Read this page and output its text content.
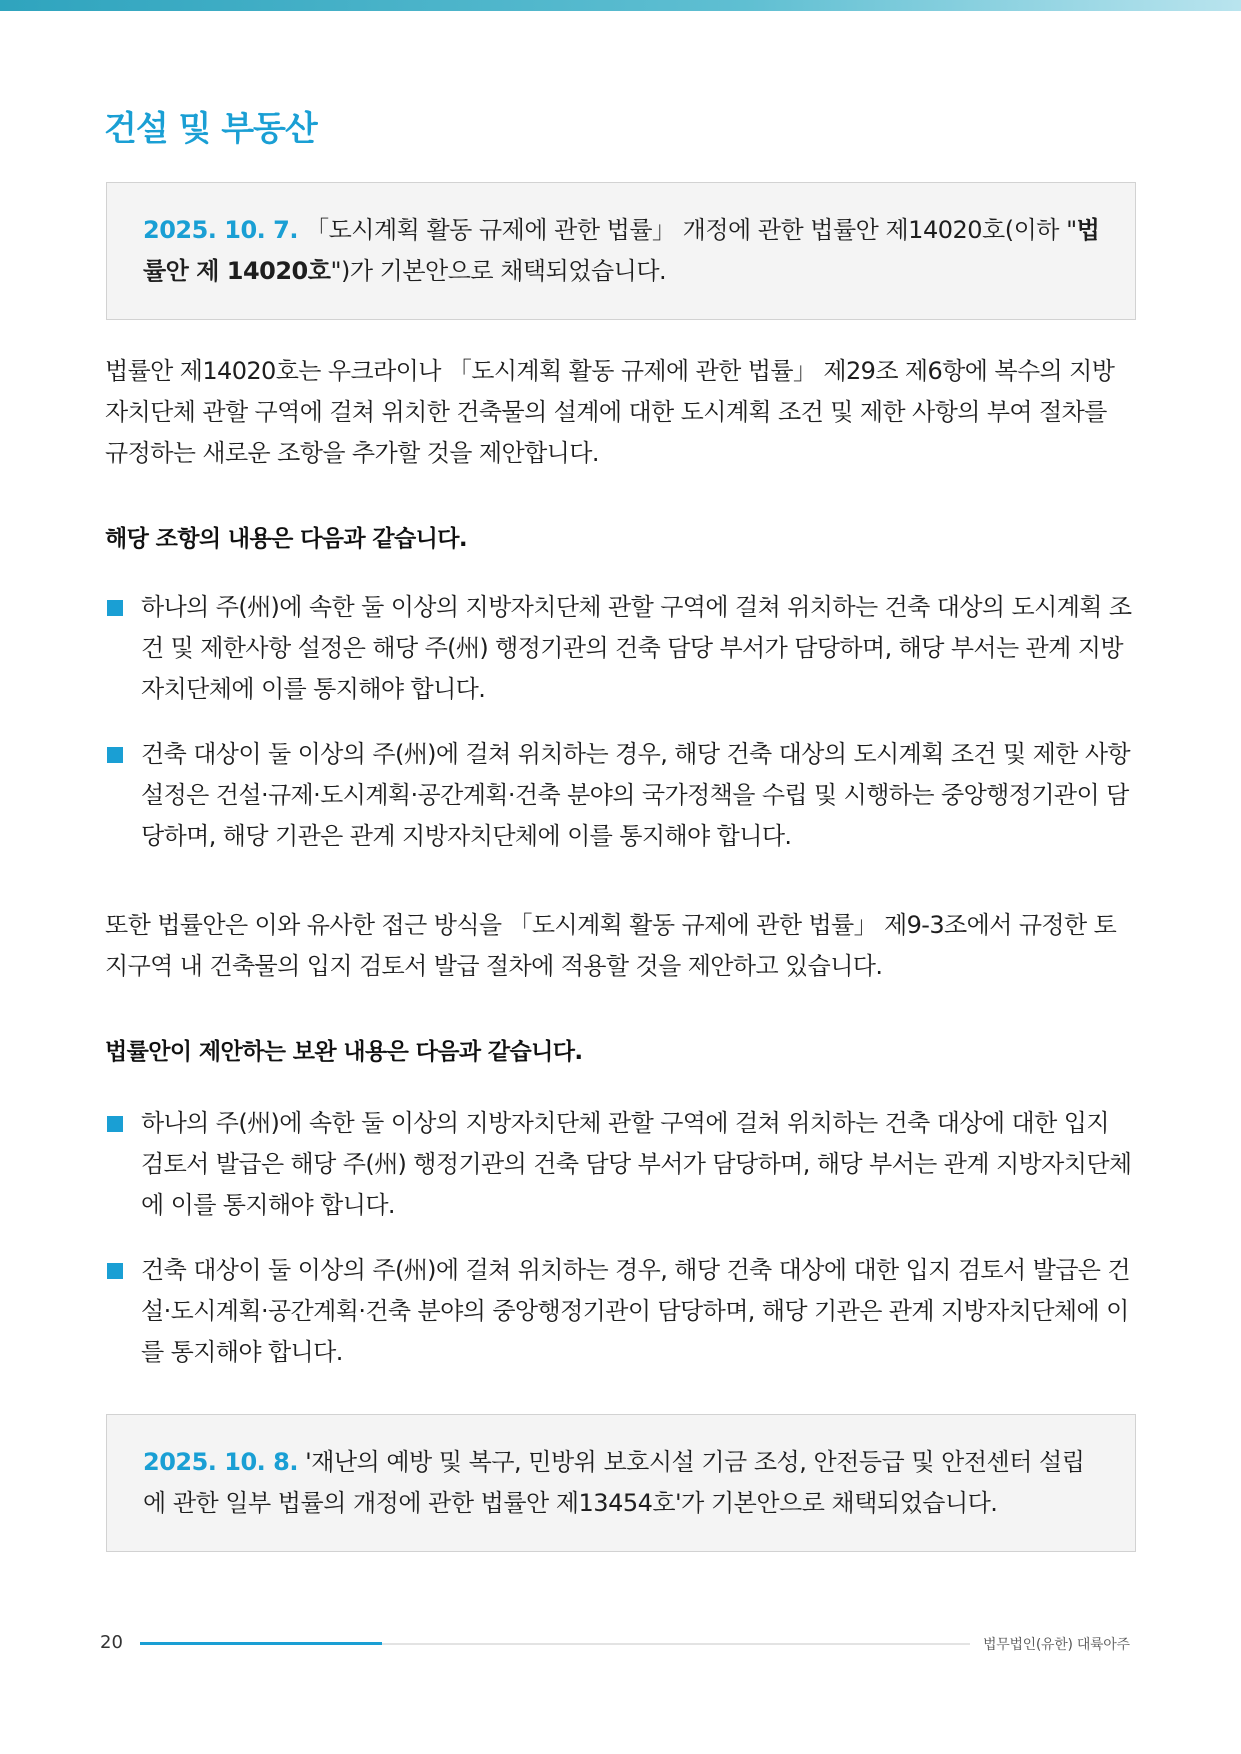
건설 및 부동산

2025. 10. 7. 「도시계획 활동 규제에 관한 법률」 개정에 관한 법률안 제14020호(이하 "법률안 제 14020호")가 기본안으로 채택되었습니다.

법률안 제14020호는 우크라이나 「도시계획 활동 규제에 관한 법률」 제29조 제6항에 복수의 지방자치단체 관할 구역에 걸쳐 위치한 건축물의 설계에 대한 도시계획 조건 및 제한 사항의 부여 절차를 규정하는 새로운 조항을 추가할 것을 제안합니다.

해당 조항의 내용은 다음과 같습니다.
하나의 주(州)에 속한 둘 이상의 지방자치단체 관할 구역에 걸쳐 위치하는 건축 대상의 도시계획 조건 및 제한사항 설정은 해당 주(州) 행정기관의 건축 담당 부서가 담당하며, 해당 부서는 관계 지방자치단체에 이를 통지해야 합니다.
건축 대상이 둘 이상의 주(州)에 걸쳐 위치하는 경우, 해당 건축 대상의 도시계획 조건 및 제한 사항 설정은 건설·규제·도시계획·공간계획·건축 분야의 국가정책을 수립 및 시행하는 중앙행정기관이 담당하며, 해당 기관은 관계 지방자치단체에 이를 통지해야 합니다.

또한 법률안은 이와 유사한 접근 방식을 「도시계획 활동 규제에 관한 법률」 제9-3조에서 규정한 토지구역 내 건축물의 입지 검토서 발급 절차에 적용할 것을 제안하고 있습니다.

법률안이 제안하는 보완 내용은 다음과 같습니다.
하나의 주(州)에 속한 둘 이상의 지방자치단체 관할 구역에 걸쳐 위치하는 건축 대상에 대한 입지 검토서 발급은 해당 주(州) 행정기관의 건축 담당 부서가 담당하며, 해당 부서는 관계 지방자치단체에 이를 통지해야 합니다.
건축 대상이 둘 이상의 주(州)에 걸쳐 위치하는 경우, 해당 건축 대상에 대한 입지 검토서 발급은 건설·도시계획·공간계획·건축 분야의 중앙행정기관이 담당하며, 해당 기관은 관계 지방자치단체에 이를 통지해야 합니다.

2025. 10. 8. '재난의 예방 및 복구, 민방위 보호시설 기금 조성, 안전등급 및 안전센터 설립에 관한 일부 법률의 개정에 관한 법률안 제13454호'가 기본안으로 채택되었습니다.

20	법무법인(유한) 대륙아주
